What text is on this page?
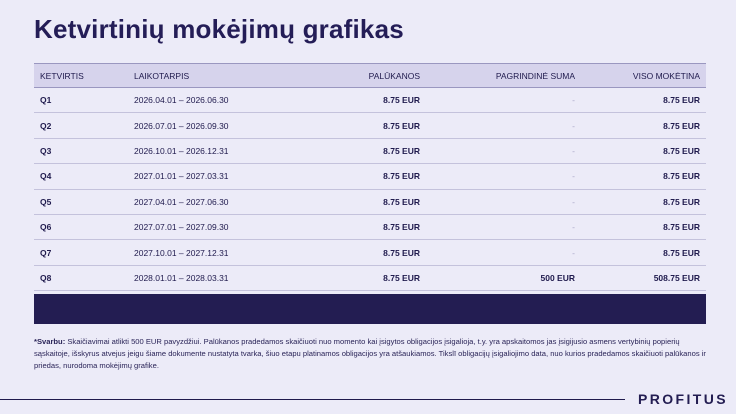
Ketvirtinių mokėjimų grafikas
KETVIRTIS	LAIKOTARPIS	PALŪKANOS	PAGRINDINĖ SUMA	VISO MOKĖTINA
Q1	2026.04.01 – 2026.06.30	8.75 EUR	-	8.75 EUR
Q2	2026.07.01 – 2026.09.30	8.75 EUR	-	8.75 EUR
Q3	2026.10.01 – 2026.12.31	8.75 EUR	-	8.75 EUR
Q4	2027.01.01 – 2027.03.31	8.75 EUR	-	8.75 EUR
Q5	2027.04.01 – 2027.06.30	8.75 EUR	-	8.75 EUR
Q6	2027.07.01 – 2027.09.30	8.75 EUR	-	8.75 EUR
Q7	2027.10.01 – 2027.12.31	8.75 EUR	-	8.75 EUR
Q8	2028.01.01 – 2028.03.31	8.75 EUR	500 EUR	508.75 EUR
*Svarbu: Skaičiavimai atlikti 500 EUR pavyzdžiui. Palūkanos pradedamos skaičiuoti nuo momento kai įsigytos obligacijos įsigalioja, t.y. yra apskaitomos jas įsigijusio asmens vertybinių popierių sąskaitoje, išskyrus atvejus jeigu šiame dokumente nustatyta tvarka, šiuo etapu platinamos obligacijos yra atšaukiamos. Tikslī obligacijų įsigaliojimo data, nuo kurios pradedamos skaičiuoti palūkanos ir priedas, nurodoma mokėjimų grafike.
PROFITUS
